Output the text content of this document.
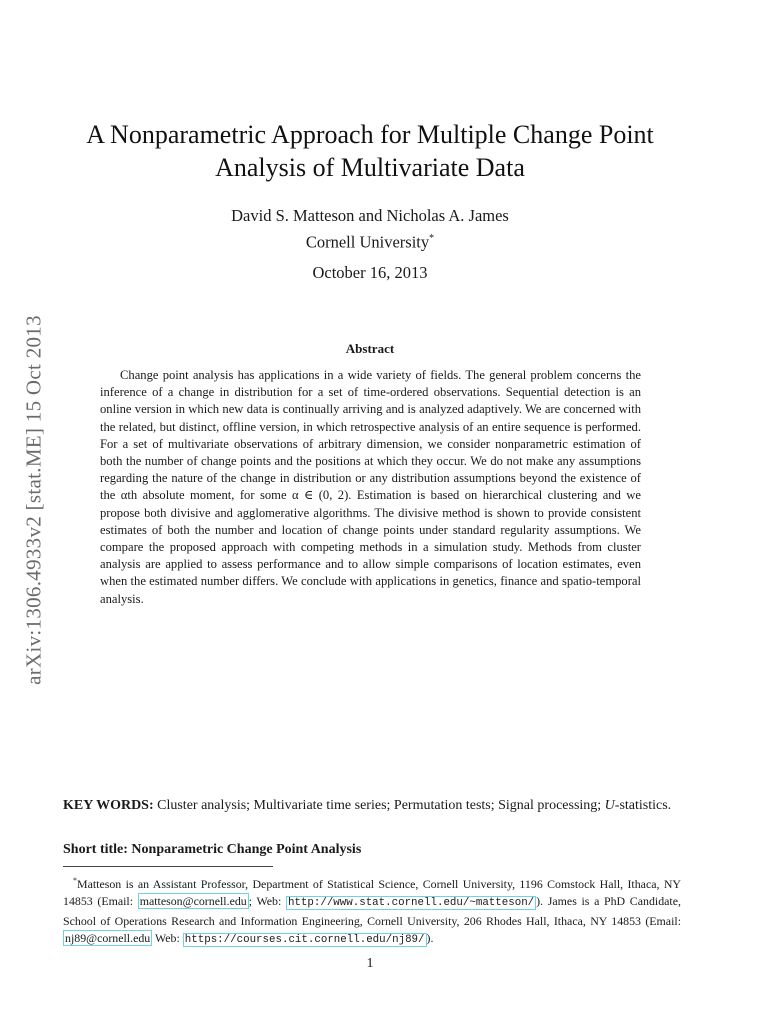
arXiv:1306.4933v2 [stat.ME] 15 Oct 2013
A Nonparametric Approach for Multiple Change Point
Analysis of Multivariate Data
David S. Matteson and Nicholas A. James
Cornell University*
October 16, 2013
Abstract
Change point analysis has applications in a wide variety of fields. The general problem concerns the inference of a change in distribution for a set of time-ordered observations. Sequential detection is an online version in which new data is continually arriving and is analyzed adaptively. We are concerned with the related, but distinct, offline version, in which retrospective analysis of an entire sequence is performed. For a set of multivariate observations of arbitrary dimension, we consider nonparametric estimation of both the number of change points and the positions at which they occur. We do not make any assumptions regarding the nature of the change in distribution or any distribution assumptions beyond the existence of the αth absolute moment, for some α ∈ (0, 2). Estimation is based on hierarchical clustering and we propose both divisive and agglomerative algorithms. The divisive method is shown to provide consistent estimates of both the number and location of change points under standard regularity assumptions. We compare the proposed approach with competing methods in a simulation study. Methods from cluster analysis are applied to assess performance and to allow simple comparisons of location estimates, even when the estimated number differs. We conclude with applications in genetics, finance and spatio-temporal analysis.
KEY WORDS: Cluster analysis; Multivariate time series; Permutation tests; Signal processing; U-statistics.
Short title: Nonparametric Change Point Analysis
*Matteson is an Assistant Professor, Department of Statistical Science, Cornell University, 1196 Comstock Hall, Ithaca, NY 14853 (Email: matteson@cornell.edu ; Web: http://www.stat.cornell.edu/~matteson/ ). James is a PhD Candidate, School of Operations Research and Information Engineering, Cornell University, 206 Rhodes Hall, Ithaca, NY 14853 (Email: nj89@cornell.edu Web: https://courses.cit.cornell.edu/nj89/ ).
1
